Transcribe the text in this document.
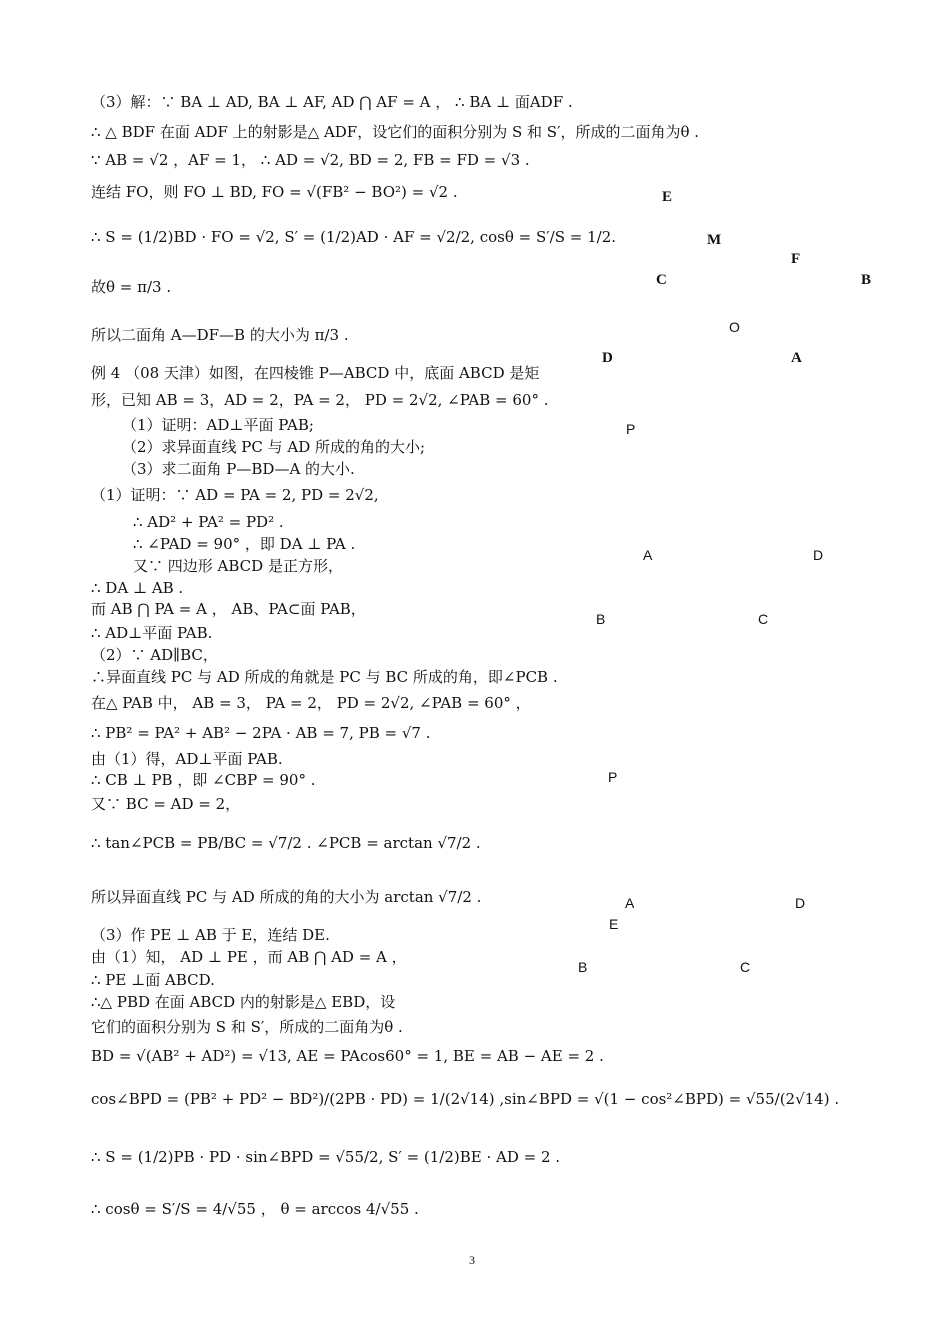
（3）解：∵ BA ⊥ AD, BA ⊥ AF, AD ⋂ AF = A ， ∴ BA ⊥ 面ADF .
∴ △ BDF 在面 ADF 上的射影是△ ADF，设它们的面积分别为 S 和 S′，所成的二面角为θ .
∵ AB = √2 ，AF = 1， ∴ AD = √2, BD = 2, FB = FD = √3 .
连结 FO，则 FO ⊥ BD, FO = √(FB² − BO²) = √2 .
∴ S = (1/2)BD · FO = √2, S′ = (1/2)AD · AF = √2/2, cosθ = S′/S = 1/2.
故θ = π/3 .
所以二面角 A—DF—B 的大小为 π/3 .
例 4 （08 天津）如图，在四棱锥 P—ABCD 中，底面 ABCD 是矩
形，已知 AB = 3，AD = 2，PA = 2， PD = 2√2, ∠PAB = 60° .
（1）证明：AD⊥平面 PAB;
（2）求异面直线 PC 与 AD 所成的角的大小;
（3）求二面角 P—BD—A 的大小.
（1）证明：∵ AD = PA = 2, PD = 2√2,
∴ AD² + PA² = PD² .
∴ ∠PAD = 90° ，即 DA ⊥ PA .
又∵ 四边形 ABCD 是正方形，
∴ DA ⊥ AB .
而 AB ⋂ PA = A ， AB、PA⊂面 PAB，
∴ AD⊥平面 PAB.
（2）∵ AD∥BC，
∴异面直线 PC 与 AD 所成的角就是 PC 与 BC 所成的角，即∠PCB .
在△ PAB 中， AB = 3， PA = 2， PD = 2√2, ∠PAB = 60° ，
∴ PB² = PA² + AB² − 2PA · AB = 7, PB = √7 .
由（1）得，AD⊥平面 PAB.
∴ CB ⊥ PB ，即 ∠CBP = 90° .
又∵ BC = AD = 2，
∴ tan∠PCB = PB/BC = √7/2 . ∠PCB = arctan √7/2 .
所以异面直线 PC 与 AD 所成的角的大小为 arctan √7/2 .
（3）作 PE ⊥ AB 于 E，连结 DE.
由（1）知， AD ⊥ PE ，而 AB ⋂ AD = A ，
∴ PE ⊥面 ABCD.
∴△ PBD 在面 ABCD 内的射影是△ EBD，设
它们的面积分别为 S 和 S′，所成的二面角为θ .
BD = √(AB² + AD²) = √13, AE = PAcos60° = 1, BE = AB − AE = 2 .
cos∠BPD = (PB² + PD² − BD²)/(2PB · PD) = 1/(2√14) ,sin∠BPD = √(1 − cos²∠BPD) = √55/(2√14) .
∴ S = (1/2)PB · PD · sin∠BPD = √55/2, S′ = (1/2)BE · AD = 2 .
∴ cosθ = S′/S = 4/√55 ， θ = arccos 4/√55 .
E
M
F
C	B
O
D	A
P
A	D
B	C
P
A	D
E
B	C
3
